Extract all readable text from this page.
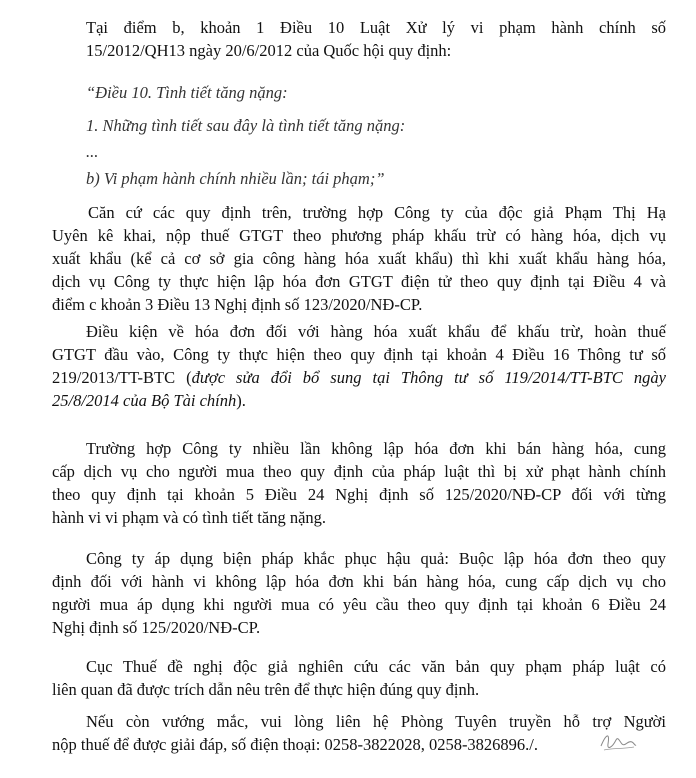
Tại điểm b, khoản 1 Điều 10 Luật Xử lý vi phạm hành chính số
15/2012/QH13 ngày 20/6/2012 của Quốc hội quy định:
“Điều 10. Tình tiết tăng nặng:
1. Những tình tiết sau đây là tình tiết tăng nặng:
...
b) Vi phạm hành chính nhiều lần; tái phạm;”
Căn cứ các quy định trên, trường hợp Công ty của độc giả Phạm Thị Hạ
Uyên kê khai, nộp thuế GTGT theo phương pháp khấu trừ có hàng hóa, dịch vụ
xuất khẩu (kể cả cơ sở gia công hàng hóa xuất khẩu) thì khi xuất khẩu hàng hóa,
dịch vụ Công ty thực hiện lập hóa đơn GTGT điện tử theo quy định tại Điều 4 và
điểm c khoản 3 Điều 13 Nghị định số 123/2020/NĐ-CP.
Điều kiện về hóa đơn đối với hàng hóa xuất khẩu để khấu trừ, hoàn thuế
GTGT đầu vào, Công ty thực hiện theo quy định tại khoản 4 Điều 16 Thông tư số
219/2013/TT-BTC (được sửa đổi bổ sung tại Thông tư số 119/2014/TT-BTC ngày
25/8/2014 của Bộ Tài chính).
Trường hợp Công ty nhiều lần không lập hóa đơn khi bán hàng hóa, cung
cấp dịch vụ cho người mua theo quy định của pháp luật thì bị xử phạt hành chính
theo quy định tại khoản 5 Điều 24 Nghị định số 125/2020/NĐ-CP đối với từng
hành vi vi phạm và có tình tiết tăng nặng.
Công ty áp dụng biện pháp khắc phục hậu quả: Buộc lập hóa đơn theo quy
định đối với hành vi không lập hóa đơn khi bán hàng hóa, cung cấp dịch vụ cho
người mua áp dụng khi người mua có yêu cầu theo quy định tại khoản 6 Điều 24
Nghị định số 125/2020/NĐ-CP.
Cục Thuế đề nghị độc giả nghiên cứu các văn bản quy phạm pháp luật có
liên quan đã được trích dẫn nêu trên để thực hiện đúng quy định.
Nếu còn vướng mắc, vui lòng liên hệ Phòng Tuyên truyền hỗ trợ Người
nộp thuế để được giải đáp, số điện thoại: 0258-3822028, 0258-3826896./.
